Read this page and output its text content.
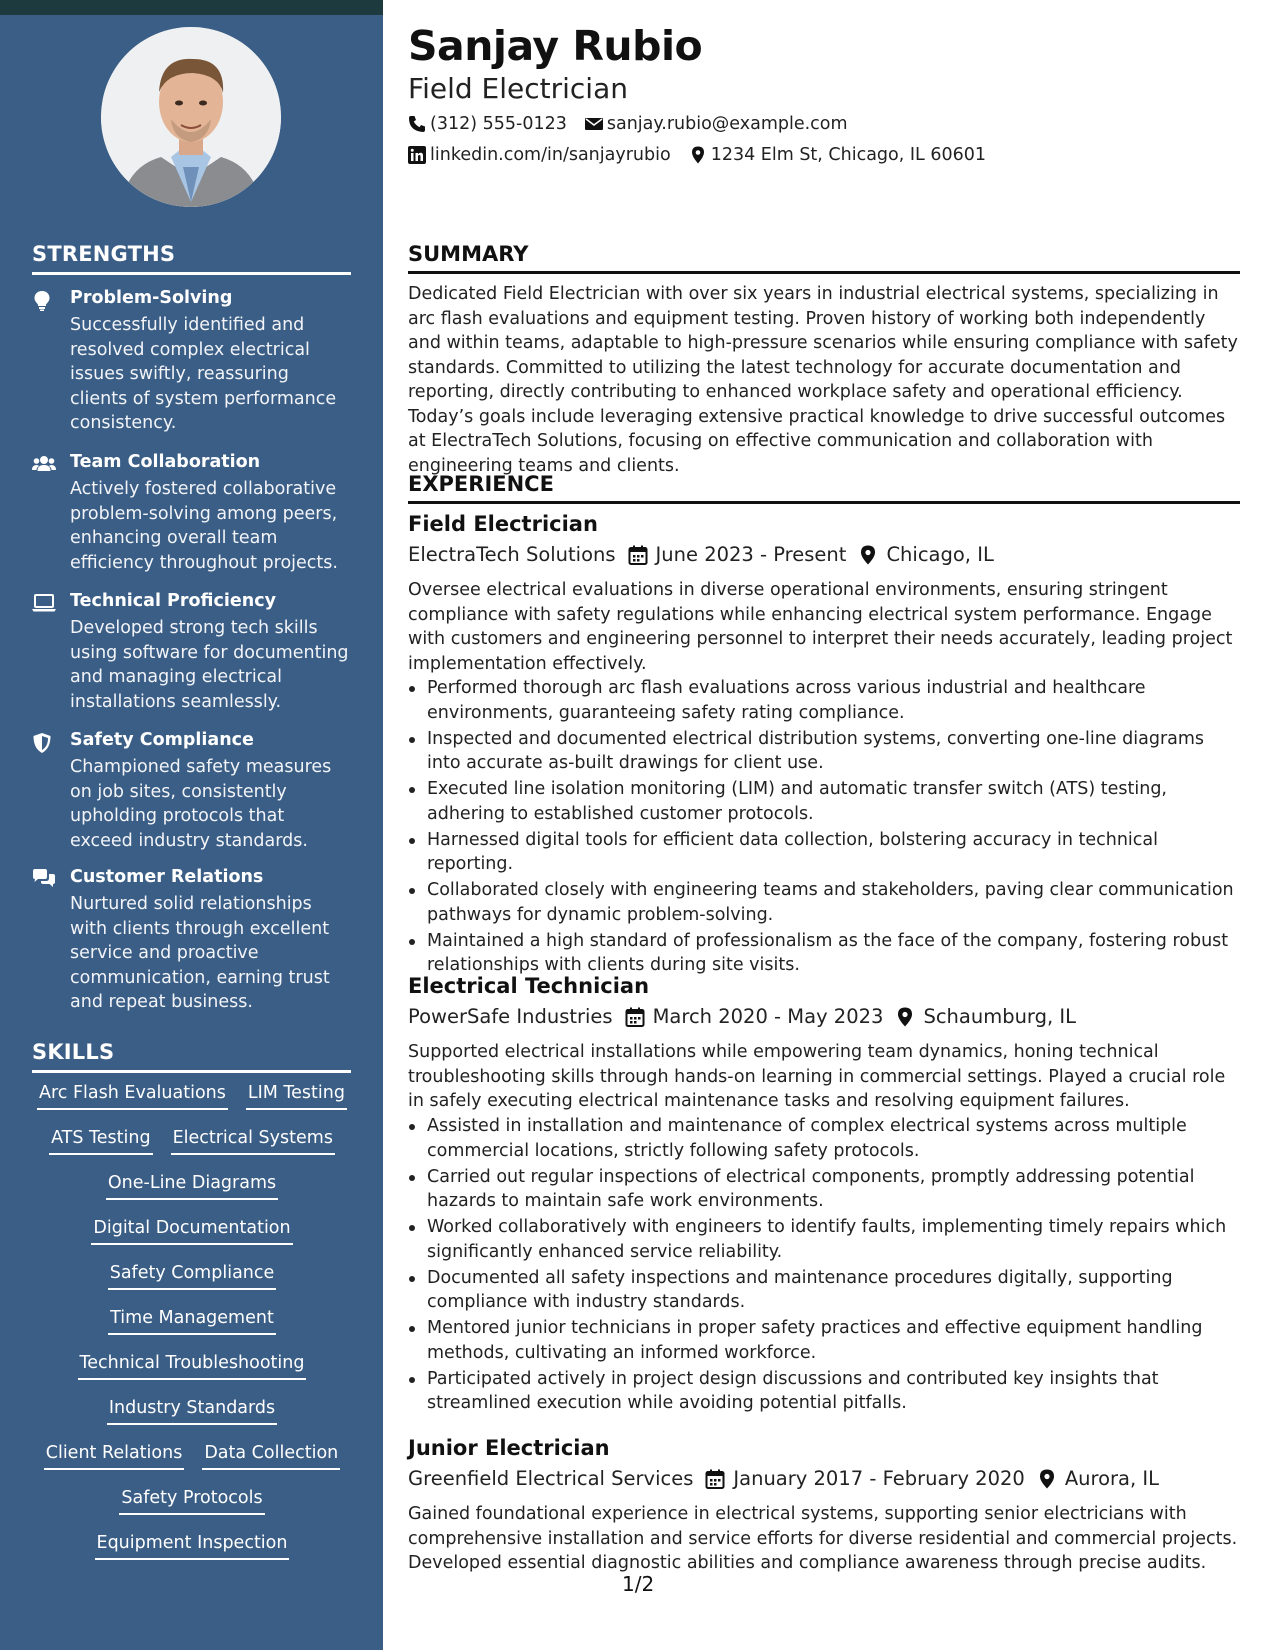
STRENGTHS
Problem-Solving
Successfully identified and resolved complex electrical issues swiftly, reassuring clients of system performance consistency.
Team Collaboration
Actively fostered collaborative problem-solving among peers, enhancing overall team efficiency throughout projects.
Technical Proficiency
Developed strong tech skills using software for documenting and managing electrical installations seamlessly.
Safety Compliance
Championed safety measures on job sites, consistently upholding protocols that exceed industry standards.
Customer Relations
Nurtured solid relationships with clients through excellent service and proactive communication, earning trust and repeat business.
SKILLS
Arc Flash Evaluations LIM Testing
ATS Testing Electrical Systems
One-Line Diagrams
Digital Documentation
Safety Compliance
Time Management
Technical Troubleshooting
Industry Standards
Client Relations Data Collection
Safety Protocols
Equipment Inspection
Sanjay Rubio
Field Electrician
(312) 555-0123 sanjay.rubio@example.com
linkedin.com/in/sanjayrubio 1234 Elm St, Chicago, IL 60601
SUMMARY
Dedicated Field Electrician with over six years in industrial electrical systems, specializing in arc flash evaluations and equipment testing. Proven history of working both independently and within teams, adaptable to high-pressure scenarios while ensuring compliance with safety standards. Committed to utilizing the latest technology for accurate documentation and reporting, directly contributing to enhanced workplace safety and operational efficiency. Today’s goals include leveraging extensive practical knowledge to drive successful outcomes at ElectraTech Solutions, focusing on effective communication and collaboration with engineering teams and clients.
EXPERIENCE
Field Electrician
ElectraTech Solutions June 2023 - Present Chicago, IL
Oversee electrical evaluations in diverse operational environments, ensuring stringent compliance with safety regulations while enhancing electrical system performance. Engage with customers and engineering personnel to interpret their needs accurately, leading project implementation effectively.
Performed thorough arc flash evaluations across various industrial and healthcare environments, guaranteeing safety rating compliance.
Inspected and documented electrical distribution systems, converting one-line diagrams into accurate as-built drawings for client use.
Executed line isolation monitoring (LIM) and automatic transfer switch (ATS) testing, adhering to established customer protocols.
Harnessed digital tools for efficient data collection, bolstering accuracy in technical reporting.
Collaborated closely with engineering teams and stakeholders, paving clear communication pathways for dynamic problem-solving.
Maintained a high standard of professionalism as the face of the company, fostering robust relationships with clients during site visits.
Electrical Technician
PowerSafe Industries March 2020 - May 2023 Schaumburg, IL
Supported electrical installations while empowering team dynamics, honing technical troubleshooting skills through hands-on learning in commercial settings. Played a crucial role in safely executing electrical maintenance tasks and resolving equipment failures.
Assisted in installation and maintenance of complex electrical systems across multiple commercial locations, strictly following safety protocols.
Carried out regular inspections of electrical components, promptly addressing potential hazards to maintain safe work environments.
Worked collaboratively with engineers to identify faults, implementing timely repairs which significantly enhanced service reliability.
Documented all safety inspections and maintenance procedures digitally, supporting compliance with industry standards.
Mentored junior technicians in proper safety practices and effective equipment handling methods, cultivating an informed workforce.
Participated actively in project design discussions and contributed key insights that streamlined execution while avoiding potential pitfalls.
Junior Electrician
Greenfield Electrical Services January 2017 - February 2020 Aurora, IL
Gained foundational experience in electrical systems, supporting senior electricians with comprehensive installation and service efforts for diverse residential and commercial projects. Developed essential diagnostic abilities and compliance awareness through precise audits.
1/2
